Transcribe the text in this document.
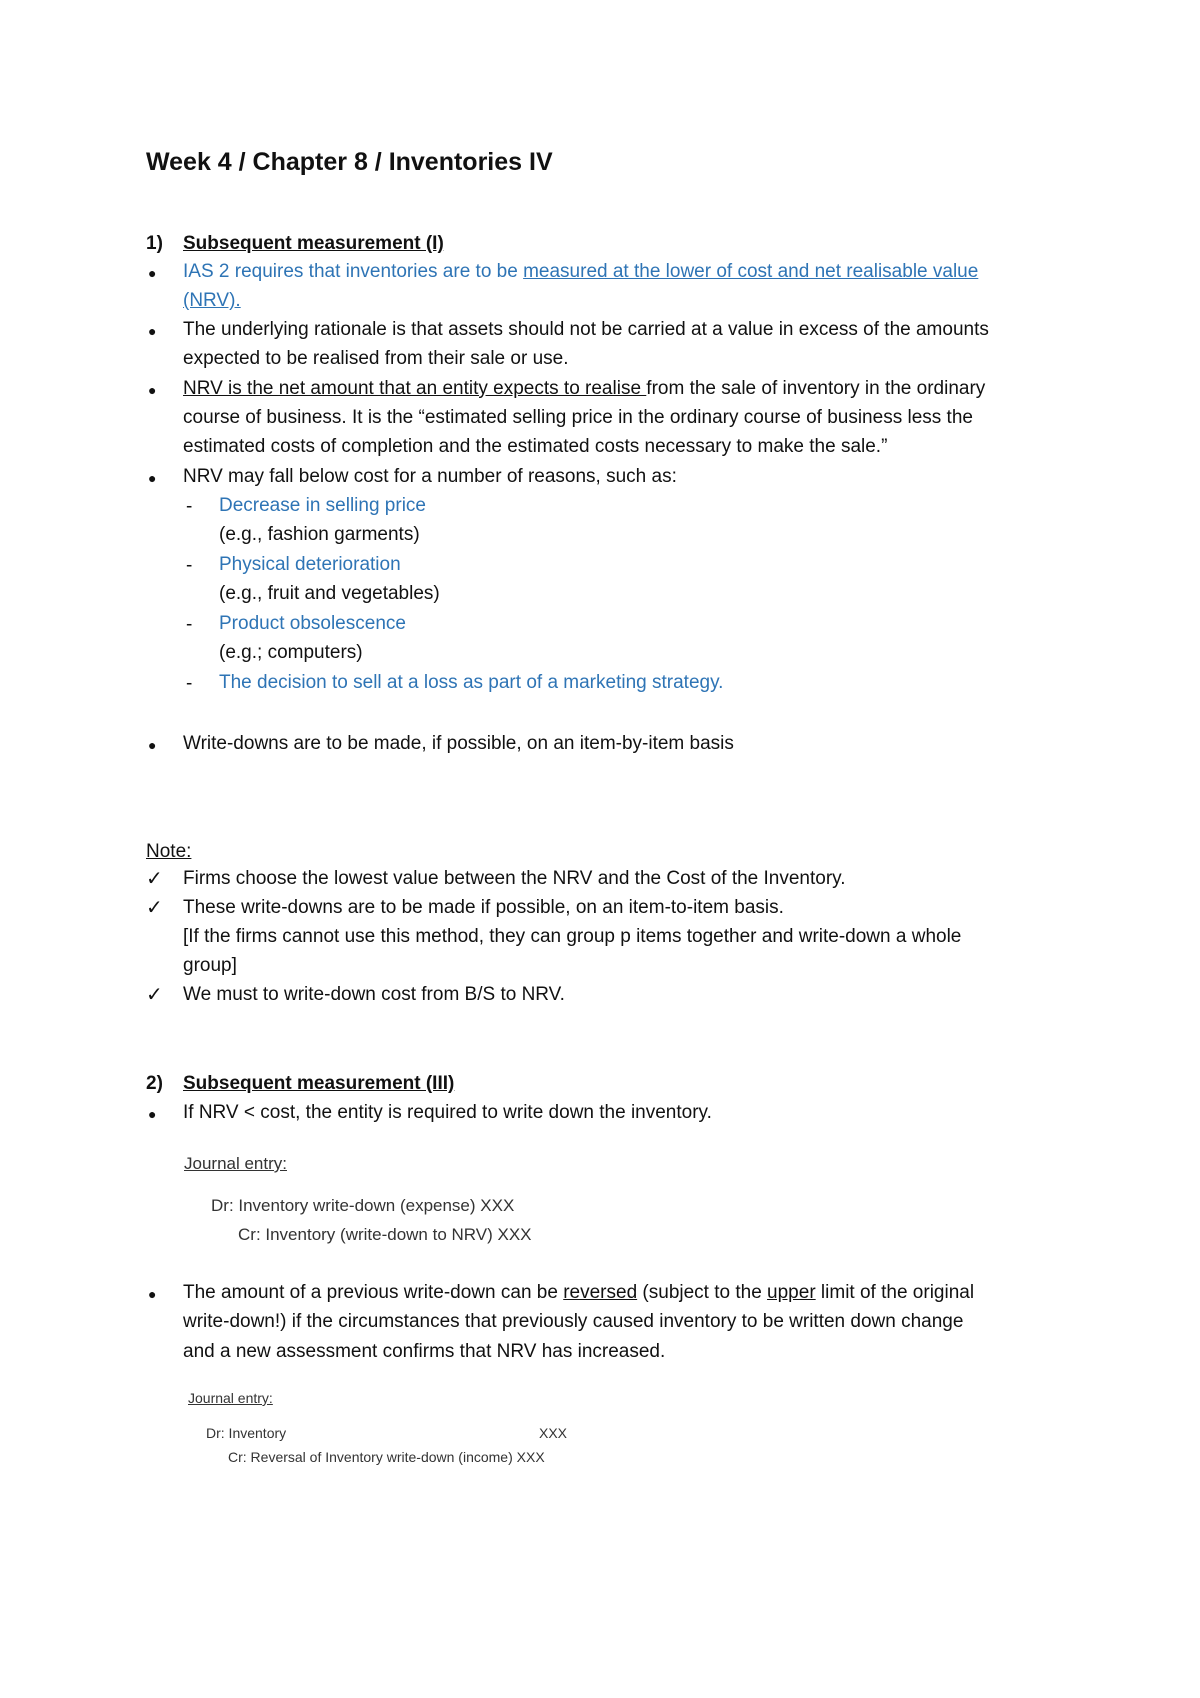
Week 4 / Chapter 8 / Inventories IV
1) Subsequent measurement (I)
● IAS 2 requires that inventories are to be measured at the lower of cost and net realisable value
(NRV).
● The underlying rationale is that assets should not be carried at a value in excess of the amounts
expected to be realised from their sale or use.
● NRV is the net amount that an entity expects to realise from the sale of inventory in the ordinary
course of business. It is the “estimated selling price in the ordinary course of business less the
estimated costs of completion and the estimated costs necessary to make the sale.”
● NRV may fall below cost for a number of reasons, such as:
- Decrease in selling price
(e.g., fashion garments)
- Physical deterioration
(e.g., fruit and vegetables)
- Product obsolescence
(e.g.; computers)
- The decision to sell at a loss as part of a marketing strategy.
● Write-downs are to be made, if possible, on an item-by-item basis
Note:
✓ Firms choose the lowest value between the NRV and the Cost of the Inventory.
✓ These write-downs are to be made if possible, on an item-to-item basis.
[If the firms cannot use this method, they can group p items together and write-down a whole
group]
✓ We must to write-down cost from B/S to NRV.
2) Subsequent measurement (III)
● If NRV < cost, the entity is required to write down the inventory.
Journal entry:
Dr: Inventory write-down (expense) XXX
Cr: Inventory (write-down to NRV) XXX
● The amount of a previous write-down can be reversed (subject to the upper limit of the original
write-down!) if the circumstances that previously caused inventory to be written down change
and a new assessment confirms that NRV has increased.
Journal entry:
Dr: Inventory	XXX
Cr: Reversal of Inventory write-down (income) XXX
